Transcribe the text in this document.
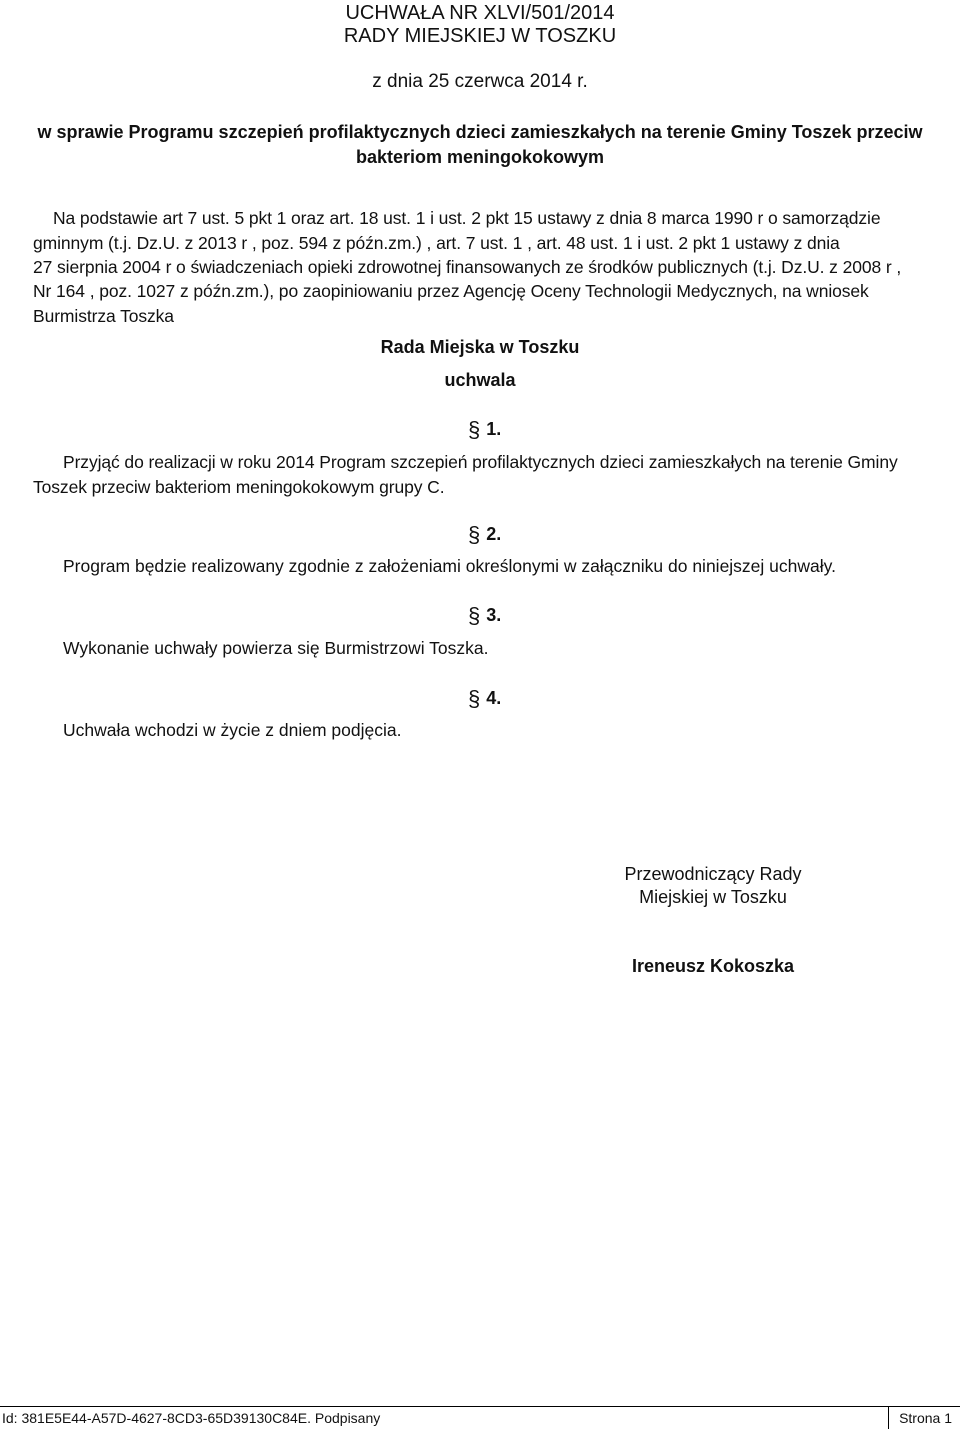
UCHWAŁA NR XLVI/501/2014
RADY MIEJSKIEJ W TOSZKU
z dnia 25 czerwca 2014 r.
w sprawie Programu szczepień profilaktycznych dzieci zamieszkałych na terenie Gminy Toszek przeciw
bakteriom meningokokowym
Na podstawie art 7 ust. 5 pkt 1 oraz art. 18 ust. 1 i ust. 2 pkt 15 ustawy z dnia 8 marca 1990 r o samorządzie
gminnym (t.j. Dz.U. z 2013 r , poz. 594 z późn.zm.) , art. 7 ust. 1 , art. 48 ust. 1 i ust. 2 pkt 1 ustawy z dnia
27 sierpnia 2004 r o świadczeniach opieki zdrowotnej finansowanych ze środków publicznych (t.j. Dz.U. z 2008 r ,
Nr 164 , poz. 1027 z późn.zm.), po zaopiniowaniu przez Agencję Oceny Technologii Medycznych, na wniosek
Burmistrza Toszka
Rada Miejska w Toszku
uchwala
§ 1.
Przyjąć do realizacji w roku 2014 Program szczepień profilaktycznych dzieci zamieszkałych na terenie Gminy
Toszek przeciw bakteriom meningokokowym grupy C.
§ 2.
Program będzie realizowany zgodnie z założeniami określonymi w załączniku do niniejszej uchwały.
§ 3.
Wykonanie uchwały powierza się Burmistrzowi Toszka.
§ 4.
Uchwała wchodzi w życie z dniem podjęcia.
Przewodniczący Rady
Miejskiej w Toszku
Ireneusz Kokoszka
Id: 381E5E44-A57D-4627-8CD3-65D39130C84E. Podpisany	Strona 1
